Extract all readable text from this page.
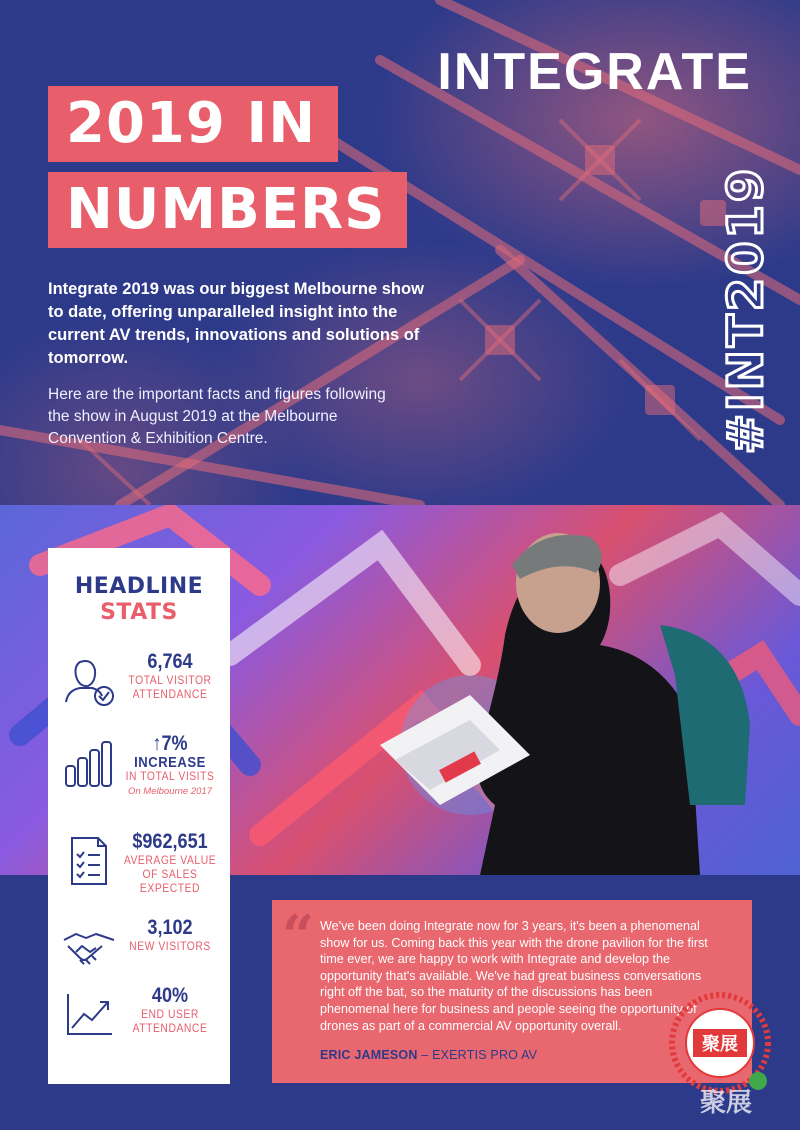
INTEGRATE
#INT2019
2019 IN
NUMBERS

Integrate 2019 was our biggest Melbourne show to date, offering unparalleled insight into the current AV trends, innovations and solutions of tomorrow.

Here are the important facts and figures following the show in August 2019 at the Melbourne Convention & Exhibition Centre.

HEADLINE
STATS
6,764
TOTAL VISITOR
ATTENDANCE
↑7%
INCREASE
IN TOTAL VISITS
On Melbourne 2017
$962,651
AVERAGE VALUE
OF SALES EXPECTED
3,102
NEW VISITORS
40%
END USER
ATTENDANCE
“ We've been doing Integrate now for 3 years, it's been a phenomenal show for us. Coming back this year with the drone pavilion for the first time ever, we are happy to work with Integrate and develop the opportunity that's available. We've had great business conversations right off the bat, so the maturity of the discussions has been phenomenal here for business and people seeing the opportunity of drones as part of a commercial AV opportunity overall.

ERIC JAMESON – EXERTIS PRO AV

聚展
聚展
